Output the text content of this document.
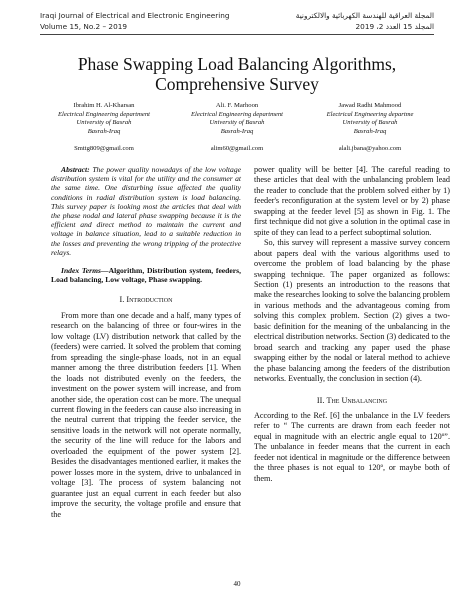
Iraqi Journal of Electrical and Electronic Engineering
Volume 15, No.2 – 2019
المجلة العراقية للهندسة الكهربائية والالكترونية
المجلد 15 العدد 2، 2019
Phase Swapping Load Balancing Algorithms,
Comprehensive Survey
Ibrahim H. Al-Kharsan
Electrical Engineering department
University of Basrah
Basrah-Iraq
Smttg809@gmail.com
Ali. F. Marhoon
Electrical Engineering department
University of Basrah
Basrah-Iraq
alim60@gmail.com
Jawad Radhi Mahmood
Electrical Engineering departme
University of Basrah
Basrah-Iraq
alali.jbana@yahoo.com

Abstract: The power quality nowadays of the low voltage distribution system is vital for the utility and the consumer at the same time. One disturbing issue affected the quality conditions in radial distribution system is load balancing. This survey paper is looking most the articles that deal with the phase nodal and lateral phase swapping because it is the efficient and direct method to maintain the current and voltage in balance situation, lead to a suitable reduction in the losses and preventing the wrong tripping of the protective relays.

Index Terms—Algorithm, Distribution system, feeders, Load balancing, Low voltage, Phase swapping.

I. Introduction

From more than one decade and a half, many types of research on the balancing of three or four-wires in the low voltage (LV) distribution network that called by the (feeders) were carried. It solved the problem that coming from spreading the single-phase loads, not in an equal manner among the three distribution feeders [1]. When the loads not distributed evenly on the feeders, the investment on the power system will increase, and from another side, the operation cost can be more. The unequal current flowing in the feeders can cause also increasing in the neutral current that tripping the feeder service, the sensitive loads in the network will not operate normally, the security of the line will reduce for the labors and overloaded the equipment of the power system [2]. Besides the disadvantages mentioned earlier, it makes the power losses more in the system, drive to unbalanced in voltage [3]. The process of system balancing not guarantee just an equal current in each feeder but also improve the security, the voltage profile and ensure that the

power quality will be better [4]. The careful reading to these articles that deal with the unbalancing problem lead the reader to conclude that the problem solved either by 1) feeder's reconfiguration at the system level or by 2) phase swapping at the feeder level [5] as shown in Fig. 1. The first technique did not give a solution in the optimal case in spite of they can lead to a perfect suboptimal solution.

So, this survey will represent a massive survey concern about papers deal with the various algorithms used to overcome the problem of load balancing by the phase swapping technique. The paper organized as follows: Section (1) presents an introduction to the reasons that make the researches looking to solve the balancing problem in various methods and the advantageous coming from solving this complex problem. Section (2) gives a two-basic definition for the meaning of the unbalancing in the electrical distribution networks. Section (3) dedicated to the broad search and tracking any paper used the phase swapping either by the nodal or lateral method to achieve the phase balancing among the feeders of the distribution networks. Eventually, the conclusion in section (4).

II. The Unbalancing

According to the Ref. [6] the unbalance in the LV feeders refer to “ The currents are drawn from each feeder not equal in magnitude with an electric angle equal to 120º”. The unbalance in feeder means that the current in each feeder not identical in magnitude or the difference between the three phases is not equal to 120º, or maybe both of them.

40
